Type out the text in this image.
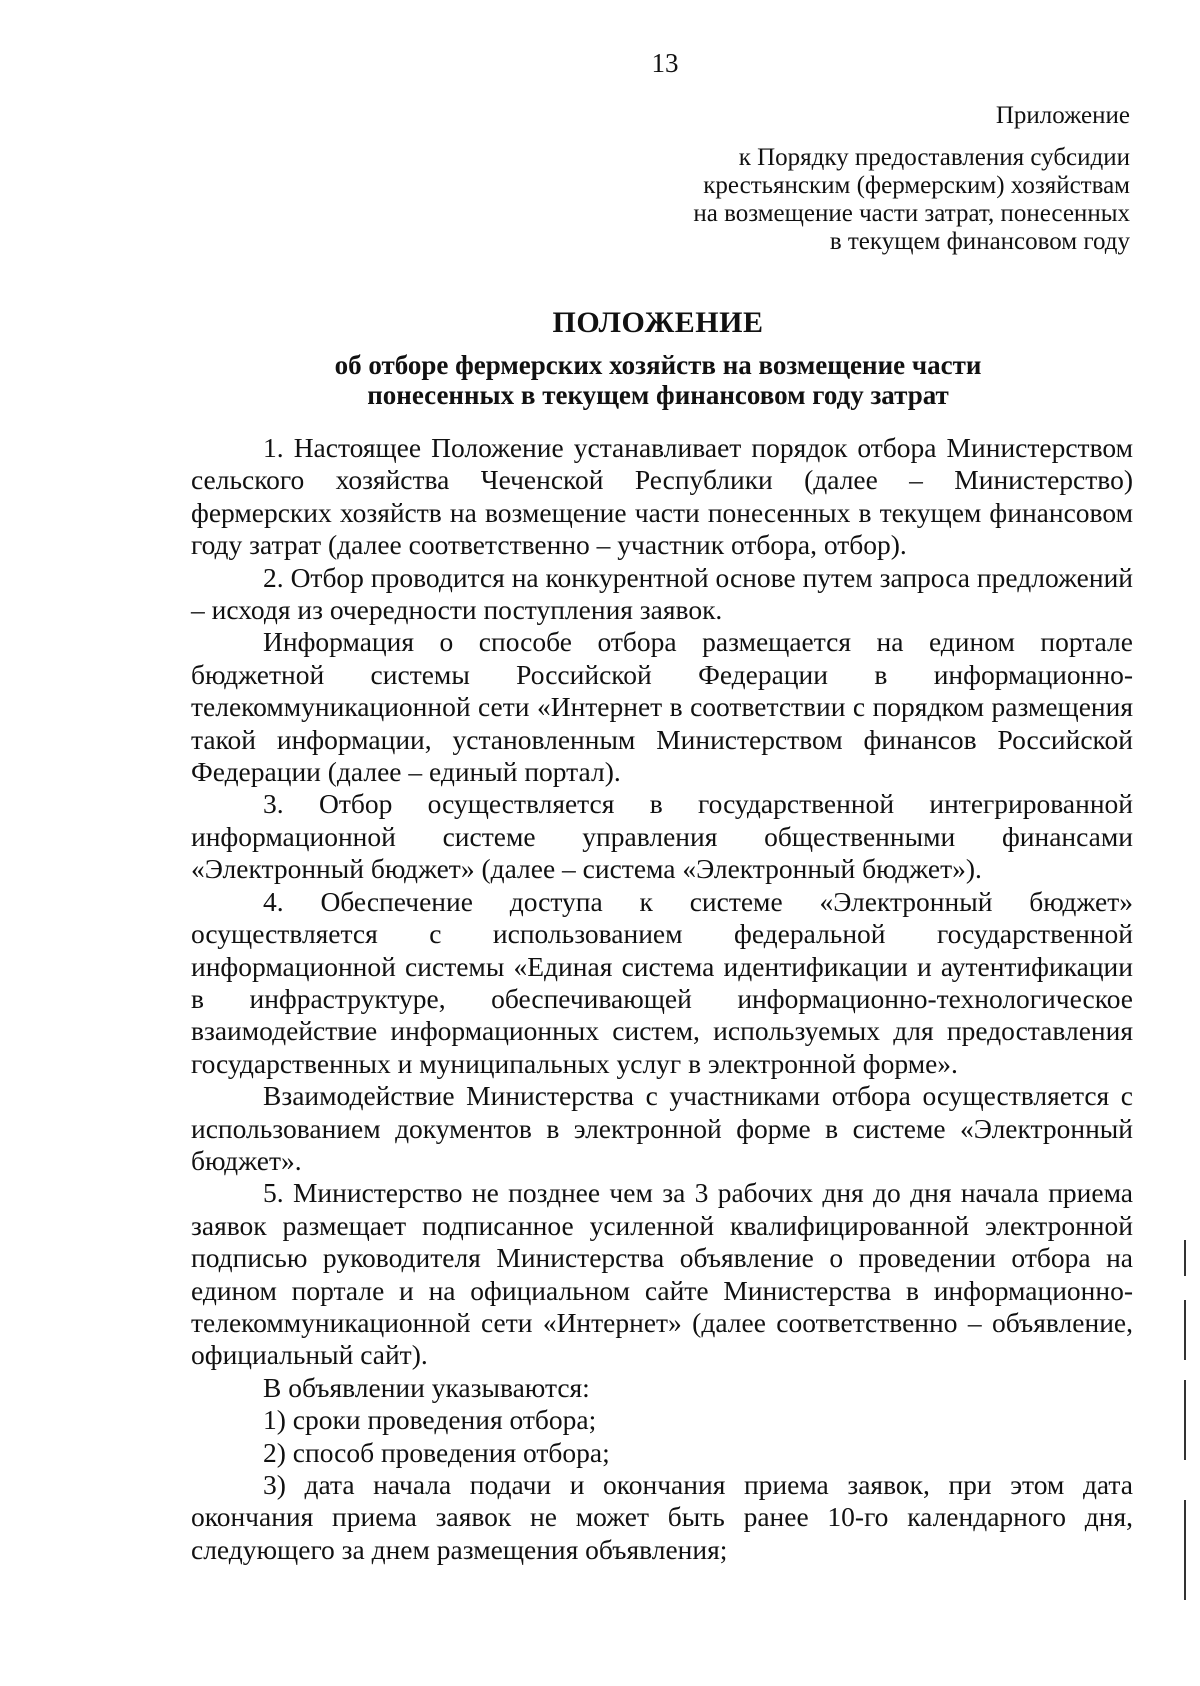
13
Приложение
к Порядку предоставления субсидии
крестьянским (фермерским) хозяйствам
на возмещение части затрат, понесенных
в текущем финансовом году
ПОЛОЖЕНИЕ
об отборе фермерских хозяйств на возмещение части
понесенных в текущем финансовом году затрат

1. Настоящее Положение устанавливает порядок отбора Министерством сельского хозяйства Чеченской Республики (далее – Министерство) фермерских хозяйств на возмещение части понесенных в текущем финансовом году затрат (далее соответственно – участник отбора, отбор).

2. Отбор проводится на конкурентной основе путем запроса предложений – исходя из очередности поступления заявок.

Информация о способе отбора размещается на едином портале бюджетной системы Российской Федерации в информационно-телекоммуникационной сети «Интернет в соответствии с порядком размещения такой информации, установленным Министерством финансов Российской Федерации (далее – единый портал).

3. Отбор осуществляется в государственной интегрированной информационной системе управления общественными финансами «Электронный бюджет» (далее – система «Электронный бюджет»).

4. Обеспечение доступа к системе «Электронный бюджет» осуществляется с использованием федеральной государственной информационной системы «Единая система идентификации и аутентификации в инфраструктуре, обеспечивающей информационно-технологическое взаимодействие информационных систем, используемых для предоставления государственных и муниципальных услуг в электронной форме».

Взаимодействие Министерства с участниками отбора осуществляется с использованием документов в электронной форме в системе «Электронный бюджет».

5. Министерство не позднее чем за 3 рабочих дня до дня начала приема заявок размещает подписанное усиленной квалифицированной электронной подписью руководителя Министерства объявление о проведении отбора на едином портале и на официальном сайте Министерства в информационно-телекоммуникационной сети «Интернет» (далее соответственно – объявление, официальный сайт).

В объявлении указываются:

1) сроки проведения отбора;

2) способ проведения отбора;

3) дата начала подачи и окончания приема заявок, при этом дата окончания приема заявок не может быть ранее 10-го календарного дня, следующего за днем размещения объявления;
